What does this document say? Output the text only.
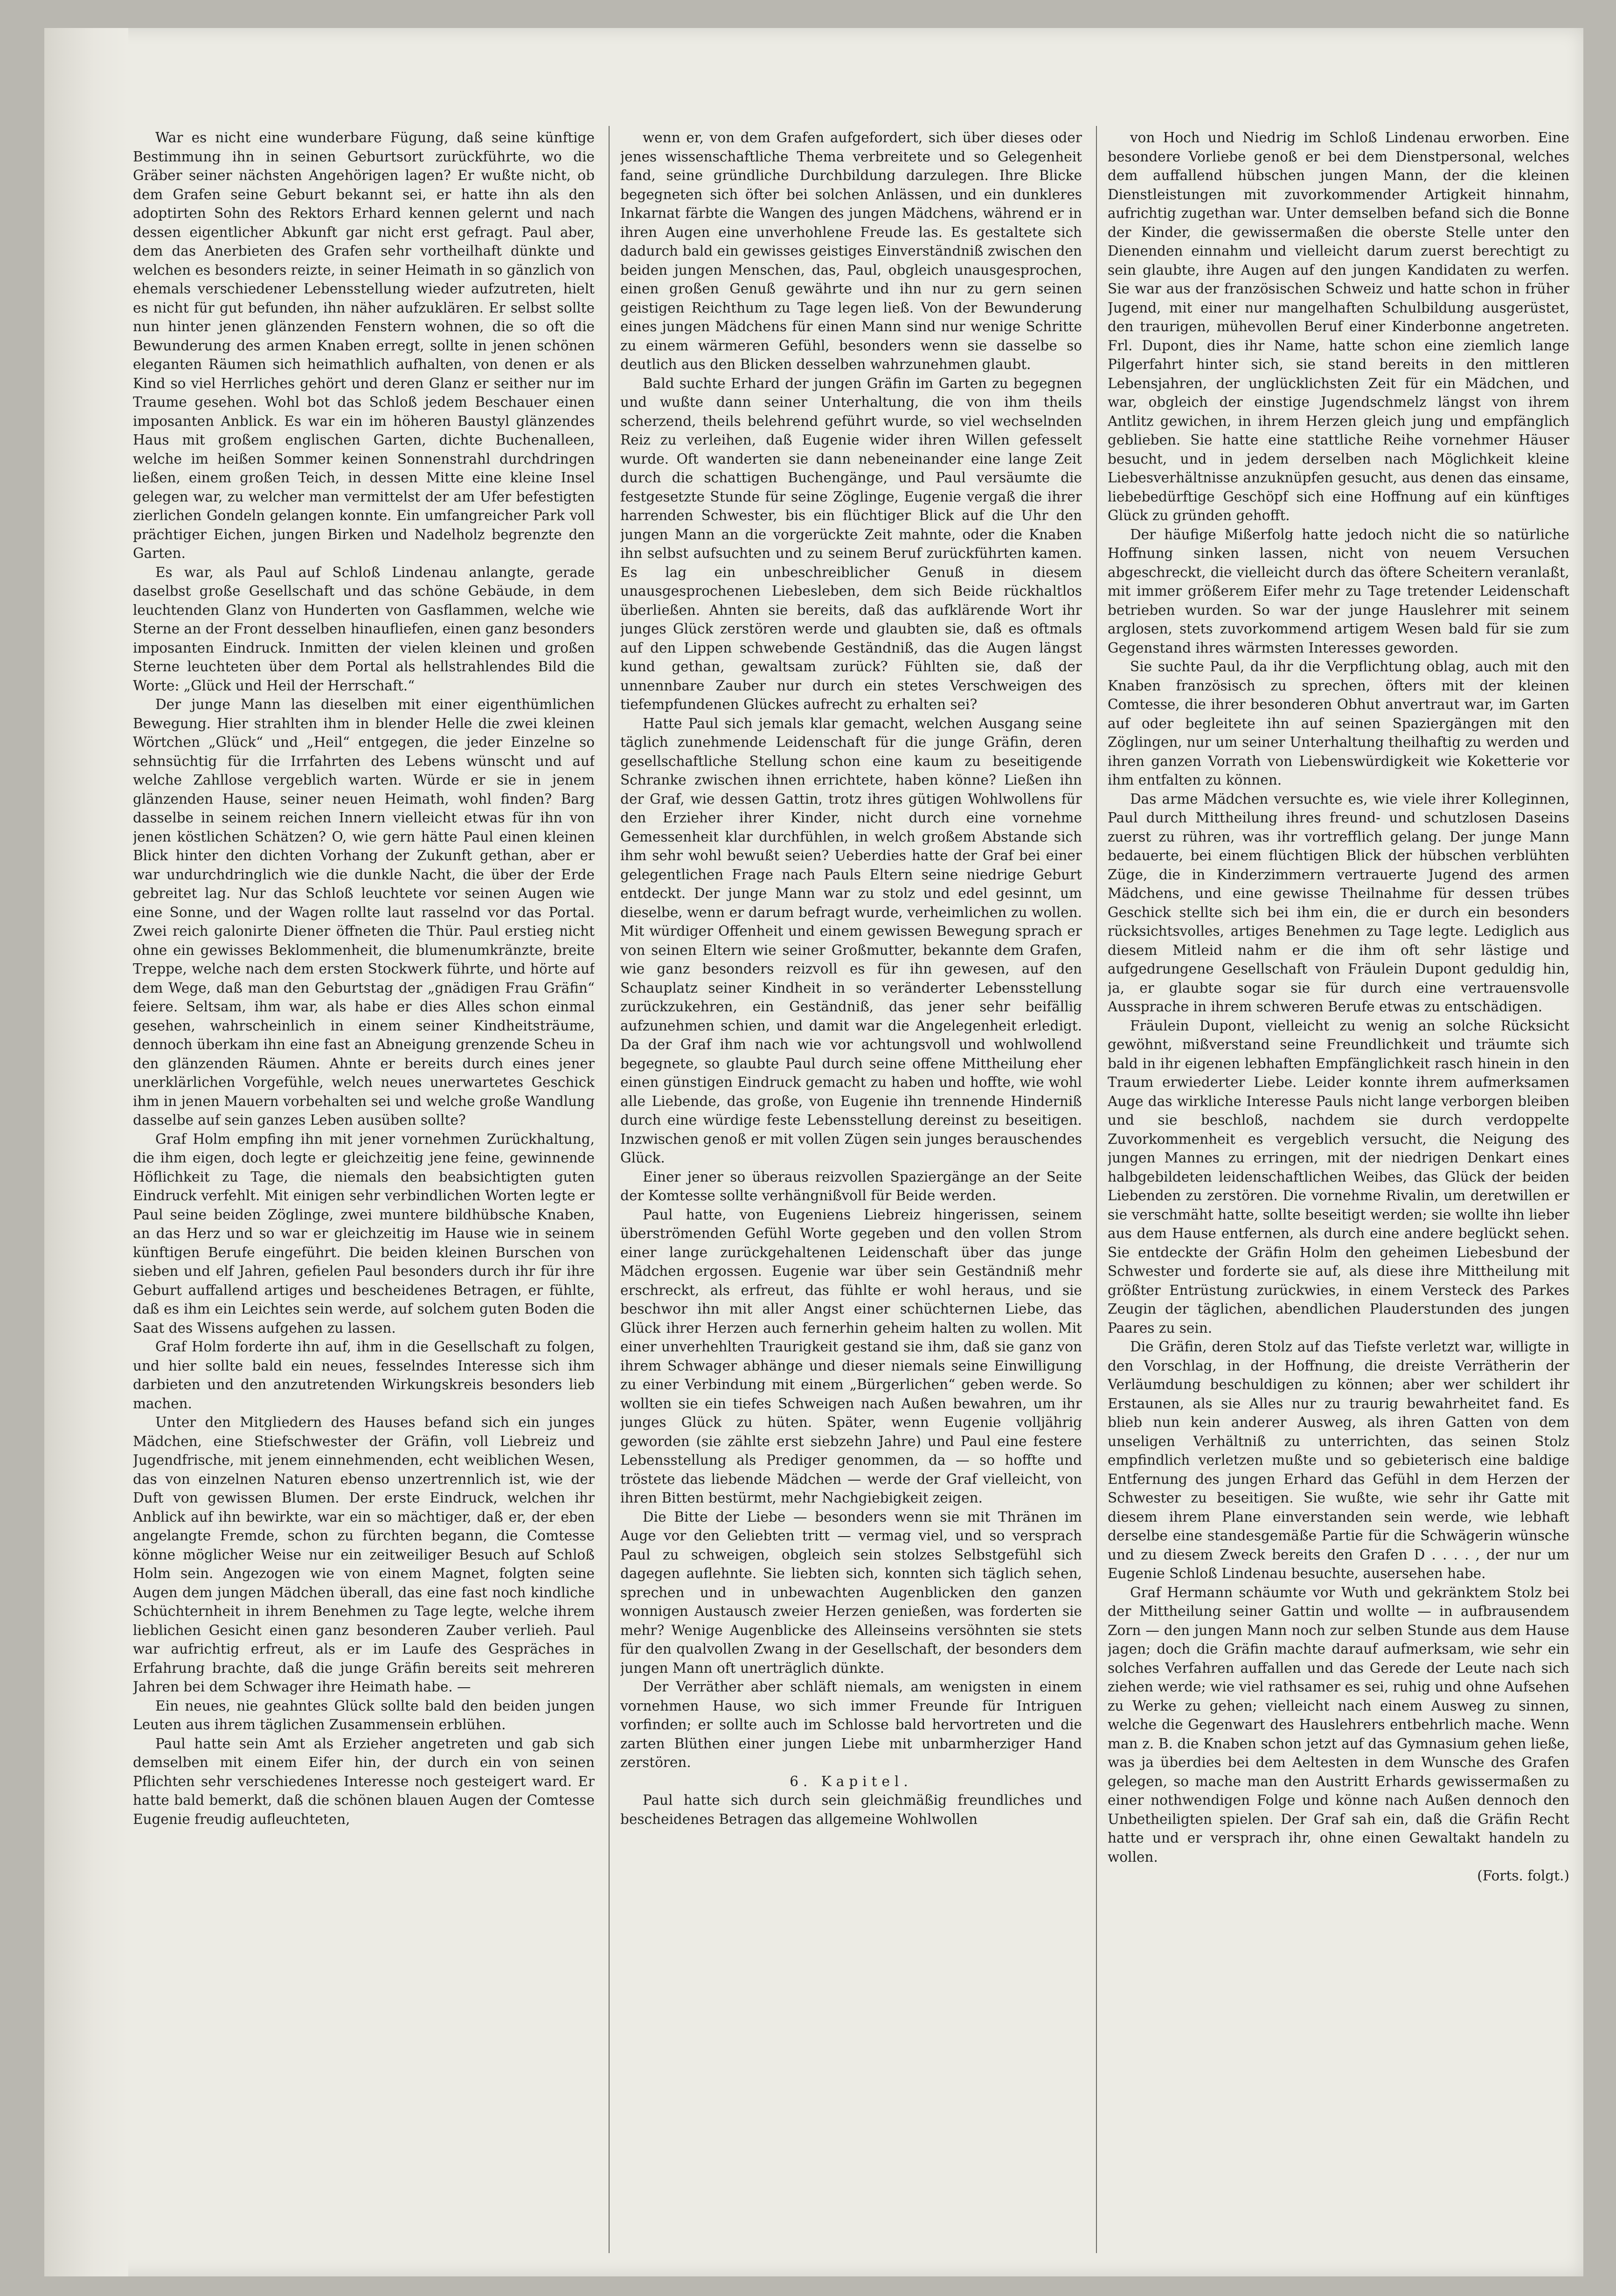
War es nicht eine wunderbare Fügung, daß seine künftige Bestimmung ihn in seinen Geburtsort zurückführte, wo die Gräber seiner nächsten Angehörigen lagen? Er wußte nicht, ob dem Grafen seine Geburt bekannt sei, er hatte ihn als den adoptirten Sohn des Rektors Erhard kennen gelernt und nach dessen eigentlicher Abkunft gar nicht erst gefragt. Paul aber, dem das Anerbieten des Grafen sehr vortheilhaft dünkte und welchen es besonders reizte, in seiner Heimath in so gänzlich von ehemals verschiedener Lebensstellung wieder aufzutreten, hielt es nicht für gut befunden, ihn näher aufzuklären. Er selbst sollte nun hinter jenen glänzenden Fenstern wohnen, die so oft die Bewunderung des armen Knaben erregt, sollte in jenen schönen eleganten Räumen sich heimathlich aufhalten, von denen er als Kind so viel Herrliches gehört und deren Glanz er seither nur im Traume gesehen. Wohl bot das Schloß jedem Beschauer einen imposanten Anblick. Es war ein im höheren Baustyl glänzendes Haus mit großem englischen Garten, dichte Buchenalleen, welche im heißen Sommer keinen Sonnenstrahl durchdringen ließen, einem großen Teich, in dessen Mitte eine kleine Insel gelegen war, zu welcher man vermittelst der am Ufer befestigten zierlichen Gondeln gelangen konnte. Ein umfangreicher Park voll prächtiger Eichen, jungen Birken und Nadelholz begrenzte den Garten.

Es war, als Paul auf Schloß Lindenau anlangte, gerade daselbst große Gesellschaft und das schöne Gebäude, in dem leuchtenden Glanz von Hunderten von Gasflammen, welche wie Sterne an der Front desselben hinaufliefen, einen ganz besonders imposanten Eindruck. Inmitten der vielen kleinen und großen Sterne leuchteten über dem Portal als hellstrahlendes Bild die Worte: „Glück und Heil der Herrschaft.“

Der junge Mann las dieselben mit einer eigenthümlichen Bewegung. Hier strahlten ihm in blender Helle die zwei kleinen Wörtchen „Glück“ und „Heil“ entgegen, die jeder Einzelne so sehnsüchtig für die Irrfahrten des Lebens wünscht und auf welche Zahllose vergeblich warten. Würde er sie in jenem glänzenden Hause, seiner neuen Heimath, wohl finden? Barg dasselbe in seinem reichen Innern vielleicht etwas für ihn von jenen köstlichen Schätzen? O, wie gern hätte Paul einen kleinen Blick hinter den dichten Vorhang der Zukunft gethan, aber er war undurchdringlich wie die dunkle Nacht, die über der Erde gebreitet lag. Nur das Schloß leuchtete vor seinen Augen wie eine Sonne, und der Wagen rollte laut rasselnd vor das Portal. Zwei reich galonirte Diener öffneten die Thür. Paul erstieg nicht ohne ein gewisses Beklommenheit, die blumenumkränzte, breite Treppe, welche nach dem ersten Stockwerk führte, und hörte auf dem Wege, daß man den Geburtstag der „gnädigen Frau Gräfin“ feiere. Seltsam, ihm war, als habe er dies Alles schon einmal gesehen, wahrscheinlich in einem seiner Kindheitsträume, dennoch überkam ihn eine fast an Abneigung grenzende Scheu in den glänzenden Räumen. Ahnte er bereits durch eines jener unerklärlichen Vorgefühle, welch neues unerwartetes Geschick ihm in jenen Mauern vorbehalten sei und welche große Wandlung dasselbe auf sein ganzes Leben ausüben sollte?

Graf Holm empfing ihn mit jener vornehmen Zurückhaltung, die ihm eigen, doch legte er gleichzeitig jene feine, gewinnende Höflichkeit zu Tage, die niemals den beabsichtigten guten Eindruck verfehlt. Mit einigen sehr verbindlichen Worten legte er Paul seine beiden Zöglinge, zwei muntere bildhübsche Knaben, an das Herz und so war er gleichzeitig im Hause wie in seinem künftigen Berufe eingeführt. Die beiden kleinen Burschen von sieben und elf Jahren, gefielen Paul besonders durch ihr für ihre Geburt auffallend artiges und bescheidenes Betragen, er fühlte, daß es ihm ein Leichtes sein werde, auf solchem guten Boden die Saat des Wissens aufgehen zu lassen.

Graf Holm forderte ihn auf, ihm in die Gesellschaft zu folgen, und hier sollte bald ein neues, fesselndes Interesse sich ihm darbieten und den anzutretenden Wirkungskreis besonders lieb machen.

Unter den Mitgliedern des Hauses befand sich ein junges Mädchen, eine Stiefschwester der Gräfin, voll Liebreiz und Jugendfrische, mit jenem einnehmenden, echt weiblichen Wesen, das von einzelnen Naturen ebenso unzertrennlich ist, wie der Duft von gewissen Blumen. Der erste Eindruck, welchen ihr Anblick auf ihn bewirkte, war ein so mächtiger, daß er, der eben angelangte Fremde, schon zu fürchten begann, die Comtesse könne möglicher Weise nur ein zeitweiliger Besuch auf Schloß Holm sein. Angezogen wie von einem Magnet, folgten seine Augen dem jungen Mädchen überall, das eine fast noch kindliche Schüchternheit in ihrem Benehmen zu Tage legte, welche ihrem lieblichen Gesicht einen ganz besonderen Zauber verlieh. Paul war aufrichtig erfreut, als er im Laufe des Gespräches in Erfahrung brachte, daß die junge Gräfin bereits seit mehreren Jahren bei dem Schwager ihre Heimath habe. —

Ein neues, nie geahntes Glück sollte bald den beiden jungen Leuten aus ihrem täglichen Zusammensein erblühen.

Paul hatte sein Amt als Erzieher angetreten und gab sich demselben mit einem Eifer hin, der durch ein von seinen Pflichten sehr verschiedenes Interesse noch gesteigert ward. Er hatte bald bemerkt, daß die schönen blauen Augen der Comtesse Eugenie freudig aufleuchteten,

wenn er, von dem Grafen aufgefordert, sich über dieses oder jenes wissenschaftliche Thema verbreitete und so Gelegenheit fand, seine gründliche Durchbildung darzulegen. Ihre Blicke begegneten sich öfter bei solchen Anlässen, und ein dunkleres Inkarnat färbte die Wangen des jungen Mädchens, während er in ihren Augen eine unverhohlene Freude las. Es gestaltete sich dadurch bald ein gewisses geistiges Einverständniß zwischen den beiden jungen Menschen, das, Paul, obgleich unausgesprochen, einen großen Genuß gewährte und ihn nur zu gern seinen geistigen Reichthum zu Tage legen ließ. Von der Bewunderung eines jungen Mädchens für einen Mann sind nur wenige Schritte zu einem wärmeren Gefühl, besonders wenn sie dasselbe so deutlich aus den Blicken desselben wahrzunehmen glaubt.

Bald suchte Erhard der jungen Gräfin im Garten zu begegnen und wußte dann seiner Unterhaltung, die von ihm theils scherzend, theils belehrend geführt wurde, so viel wechselnden Reiz zu verleihen, daß Eugenie wider ihren Willen gefesselt wurde. Oft wanderten sie dann nebeneinander eine lange Zeit durch die schattigen Buchengänge, und Paul versäumte die festgesetzte Stunde für seine Zöglinge, Eugenie vergaß die ihrer harrenden Schwester, bis ein flüchtiger Blick auf die Uhr den jungen Mann an die vorgerückte Zeit mahnte, oder die Knaben ihn selbst aufsuchten und zu seinem Beruf zurückführten kamen. Es lag ein unbeschreiblicher Genuß in diesem unausgesprochenen Liebesleben, dem sich Beide rückhaltlos überließen. Ahnten sie bereits, daß das aufklärende Wort ihr junges Glück zerstören werde und glaubten sie, daß es oftmals auf den Lippen schwebende Geständniß, das die Augen längst kund gethan, gewaltsam zurück? Fühlten sie, daß der unnennbare Zauber nur durch ein stetes Verschweigen des tiefempfundenen Glückes aufrecht zu erhalten sei?

Hatte Paul sich jemals klar gemacht, welchen Ausgang seine täglich zunehmende Leidenschaft für die junge Gräfin, deren gesellschaftliche Stellung schon eine kaum zu beseitigende Schranke zwischen ihnen errichtete, haben könne? Ließen ihn der Graf, wie dessen Gattin, trotz ihres gütigen Wohlwollens für den Erzieher ihrer Kinder, nicht durch eine vornehme Gemessenheit klar durchfühlen, in welch großem Abstande sich ihm sehr wohl bewußt seien? Ueberdies hatte der Graf bei einer gelegentlichen Frage nach Pauls Eltern seine niedrige Geburt entdeckt. Der junge Mann war zu stolz und edel gesinnt, um dieselbe, wenn er darum befragt wurde, verheimlichen zu wollen. Mit würdiger Offenheit und einem gewissen Bewegung sprach er von seinen Eltern wie seiner Großmutter, bekannte dem Grafen, wie ganz besonders reizvoll es für ihn gewesen, auf den Schauplatz seiner Kindheit in so veränderter Lebensstellung zurückzukehren, ein Geständniß, das jener sehr beifällig aufzunehmen schien, und damit war die Angelegenheit erledigt. Da der Graf ihm nach wie vor achtungsvoll und wohlwollend begegnete, so glaubte Paul durch seine offene Mittheilung eher einen günstigen Eindruck gemacht zu haben und hoffte, wie wohl alle Liebende, das große, von Eugenie ihn trennende Hinderniß durch eine würdige feste Lebensstellung dereinst zu beseitigen. Inzwischen genoß er mit vollen Zügen sein junges berauschendes Glück.

Einer jener so überaus reizvollen Spaziergänge an der Seite der Komtesse sollte verhängnißvoll für Beide werden.

Paul hatte, von Eugeniens Liebreiz hingerissen, seinem überströmenden Gefühl Worte gegeben und den vollen Strom einer lange zurückgehaltenen Leidenschaft über das junge Mädchen ergossen. Eugenie war über sein Geständniß mehr erschreckt, als erfreut, das fühlte er wohl heraus, und sie beschwor ihn mit aller Angst einer schüchternen Liebe, das Glück ihrer Herzen auch fernerhin geheim halten zu wollen. Mit einer unverhehlten Traurigkeit gestand sie ihm, daß sie ganz von ihrem Schwager abhänge und dieser niemals seine Einwilligung zu einer Verbindung mit einem „Bürgerlichen“ geben werde. So wollten sie ein tiefes Schweigen nach Außen bewahren, um ihr junges Glück zu hüten. Später, wenn Eugenie volljährig geworden (sie zählte erst siebzehn Jahre) und Paul eine festere Lebensstellung als Prediger genommen, da — so hoffte und tröstete das liebende Mädchen — werde der Graf vielleicht, von ihren Bitten bestürmt, mehr Nachgiebigkeit zeigen.

Die Bitte der Liebe — besonders wenn sie mit Thränen im Auge vor den Geliebten tritt — vermag viel, und so versprach Paul zu schweigen, obgleich sein stolzes Selbstgefühl sich dagegen auflehnte. Sie liebten sich, konnten sich täglich sehen, sprechen und in unbewachten Augenblicken den ganzen wonnigen Austausch zweier Herzen genießen, was forderten sie mehr? Wenige Augenblicke des Alleinseins versöhnten sie stets für den qualvollen Zwang in der Gesellschaft, der besonders dem jungen Mann oft unerträglich dünkte.

Der Verräther aber schläft niemals, am wenigsten in einem vornehmen Hause, wo sich immer Freunde für Intriguen vorfinden; er sollte auch im Schlosse bald hervortreten und die zarten Blüthen einer jungen Liebe mit unbarmherziger Hand zerstören.

6. Kapitel.

Paul hatte sich durch sein gleichmäßig freundliches und bescheidenes Betragen das allgemeine Wohlwollen

von Hoch und Niedrig im Schloß Lindenau erworben. Eine besondere Vorliebe genoß er bei dem Dienstpersonal, welches dem auffallend hübschen jungen Mann, der die kleinen Dienstleistungen mit zuvorkommender Artigkeit hinnahm, aufrichtig zugethan war. Unter demselben befand sich die Bonne der Kinder, die gewissermaßen die oberste Stelle unter den Dienenden einnahm und vielleicht darum zuerst berechtigt zu sein glaubte, ihre Augen auf den jungen Kandidaten zu werfen. Sie war aus der französischen Schweiz und hatte schon in früher Jugend, mit einer nur mangelhaften Schulbildung ausgerüstet, den traurigen, mühevollen Beruf einer Kinderbonne angetreten. Frl. Dupont, dies ihr Name, hatte schon eine ziemlich lange Pilgerfahrt hinter sich, sie stand bereits in den mittleren Lebensjahren, der unglücklichsten Zeit für ein Mädchen, und war, obgleich der einstige Jugendschmelz längst von ihrem Antlitz gewichen, in ihrem Herzen gleich jung und empfänglich geblieben. Sie hatte eine stattliche Reihe vornehmer Häuser besucht, und in jedem derselben nach Möglichkeit kleine Liebesverhältnisse anzuknüpfen gesucht, aus denen das einsame, liebebedürftige Geschöpf sich eine Hoffnung auf ein künftiges Glück zu gründen gehofft.

Der häufige Mißerfolg hatte jedoch nicht die so natürliche Hoffnung sinken lassen, nicht von neuem Versuchen abgeschreckt, die vielleicht durch das öftere Scheitern veranlaßt, mit immer größerem Eifer mehr zu Tage tretender Leidenschaft betrieben wurden. So war der junge Hauslehrer mit seinem arglosen, stets zuvorkommend artigem Wesen bald für sie zum Gegenstand ihres wärmsten Interesses geworden.

Sie suchte Paul, da ihr die Verpflichtung oblag, auch mit den Knaben französisch zu sprechen, öfters mit der kleinen Comtesse, die ihrer besonderen Obhut anvertraut war, im Garten auf oder begleitete ihn auf seinen Spaziergängen mit den Zöglingen, nur um seiner Unterhaltung theilhaftig zu werden und ihren ganzen Vorrath von Liebenswürdigkeit wie Koketterie vor ihm entfalten zu können.

Das arme Mädchen versuchte es, wie viele ihrer Kolleginnen, Paul durch Mittheilung ihres freund- und schutzlosen Daseins zuerst zu rühren, was ihr vortrefflich gelang. Der junge Mann bedauerte, bei einem flüchtigen Blick der hübschen verblühten Züge, die in Kinderzimmern vertrauerte Jugend des armen Mädchens, und eine gewisse Theilnahme für dessen trübes Geschick stellte sich bei ihm ein, die er durch ein besonders rücksichtsvolles, artiges Benehmen zu Tage legte. Lediglich aus diesem Mitleid nahm er die ihm oft sehr lästige und aufgedrungene Gesellschaft von Fräulein Dupont geduldig hin, ja, er glaubte sogar sie für durch eine vertrauensvolle Aussprache in ihrem schweren Berufe etwas zu entschädigen.

Fräulein Dupont, vielleicht zu wenig an solche Rücksicht gewöhnt, mißverstand seine Freundlichkeit und träumte sich bald in ihr eigenen lebhaften Empfänglichkeit rasch hinein in den Traum erwiederter Liebe. Leider konnte ihrem aufmerksamen Auge das wirkliche Interesse Pauls nicht lange verborgen bleiben und sie beschloß, nachdem sie durch verdoppelte Zuvorkommenheit es vergeblich versucht, die Neigung des jungen Mannes zu erringen, mit der niedrigen Denkart eines halbgebildeten leidenschaftlichen Weibes, das Glück der beiden Liebenden zu zerstören. Die vornehme Rivalin, um deretwillen er sie verschmäht hatte, sollte beseitigt werden; sie wollte ihn lieber aus dem Hause entfernen, als durch eine andere beglückt sehen. Sie entdeckte der Gräfin Holm den geheimen Liebesbund der Schwester und forderte sie auf, als diese ihre Mittheilung mit größter Entrüstung zurückwies, in einem Versteck des Parkes Zeugin der täglichen, abendlichen Plauderstunden des jungen Paares zu sein.

Die Gräfin, deren Stolz auf das Tiefste verletzt war, willigte in den Vorschlag, in der Hoffnung, die dreiste Verrätherin der Verläumdung beschuldigen zu können; aber wer schildert ihr Erstaunen, als sie Alles nur zu traurig bewahrheitet fand. Es blieb nun kein anderer Ausweg, als ihren Gatten von dem unseligen Verhältniß zu unterrichten, das seinen Stolz empfindlich verletzen mußte und so gebieterisch eine baldige Entfernung des jungen Erhard das Gefühl in dem Herzen der Schwester zu beseitigen. Sie wußte, wie sehr ihr Gatte mit diesem ihrem Plane einverstanden sein werde, wie lebhaft derselbe eine standesgemäße Partie für die Schwägerin wünsche und zu diesem Zweck bereits den Grafen D . . . . , der nur um Eugenie Schloß Lindenau besuchte, ausersehen habe.

Graf Hermann schäumte vor Wuth und gekränktem Stolz bei der Mittheilung seiner Gattin und wollte — in aufbrausendem Zorn — den jungen Mann noch zur selben Stunde aus dem Hause jagen; doch die Gräfin machte darauf aufmerksam, wie sehr ein solches Verfahren auffallen und das Gerede der Leute nach sich ziehen werde; wie viel rathsamer es sei, ruhig und ohne Aufsehen zu Werke zu gehen; vielleicht nach einem Ausweg zu sinnen, welche die Gegenwart des Hauslehrers entbehrlich mache. Wenn man z. B. die Knaben schon jetzt auf das Gymnasium gehen ließe, was ja überdies bei dem Aeltesten in dem Wunsche des Grafen gelegen, so mache man den Austritt Erhards gewissermaßen zu einer nothwendigen Folge und könne nach Außen dennoch den Unbetheiligten spielen. Der Graf sah ein, daß die Gräfin Recht hatte und er versprach ihr, ohne einen Gewaltakt handeln zu wollen.

(Forts. folgt.)
